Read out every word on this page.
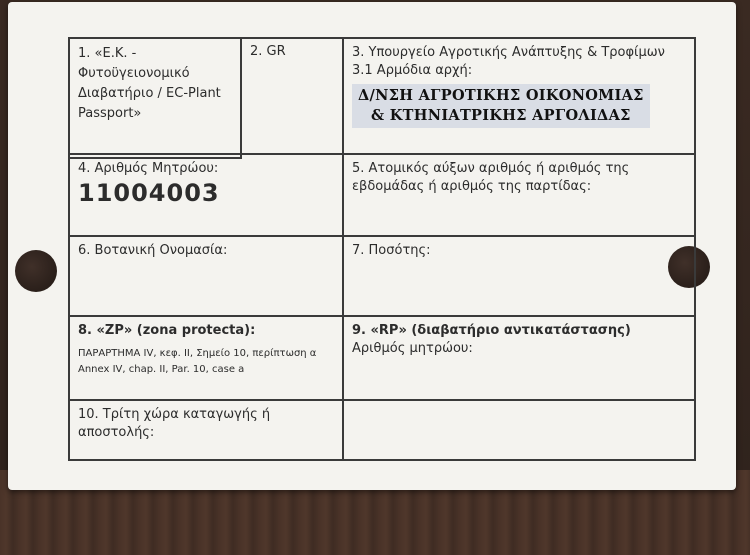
1. «Ε.Κ. - Φυτοϋγειονομικό Διαβατήριο / EC-Plant Passport»
2. GR	3. Υπουργείο Αγροτικής Ανάπτυξης & Τροφίμων
3.1 Αρμόδια αρχή:
Δ/ΝΣΗ ΑΓΡΟΤΙΚΗΣ ΟΙΚΟΝΟΜΙΑΣ
& ΚΤΗΝΙΑΤΡΙΚΗΣ ΑΡΓΟΛΙΔΑΣ
4. Αριθμός Μητρώου:
11004003
5. Ατομικός αύξων αριθμός ή αριθμός της εβδομάδας ή αριθμός της παρτίδας:
6. Βοτανική Ονομασία:	7. Ποσότης:
8. «ZP» (zona protecta):
ΠΑΡΑΡΤΗΜΑ IV, κεφ. II, Σημείο 10, περίπτωση α
Annex IV, chap. II, Par. 10, case a
9. «RP» (διαβατήριο αντικατάστασης)
Αριθμός μητρώου:
10. Τρίτη χώρα καταγωγής ή αποστολής:
